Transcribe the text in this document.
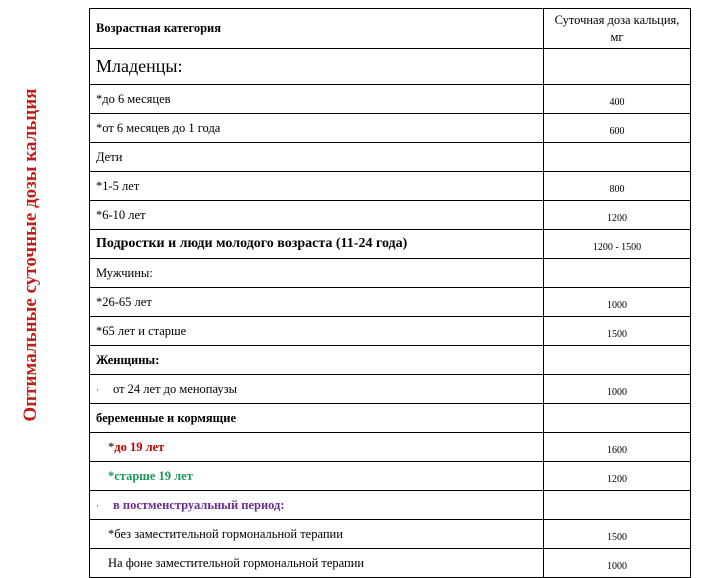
Оптимальные суточные дозы кальция
Возрастная категория	Суточная доза кальция, мг
Младенцы:	
*до 6 месяцев	400
*от 6 месяцев до 1 года	600
Дети	
*1-5 лет	800
*6-10 лет	1200
Подростки и люди молодого возраста (11-24 года)	1200 - 1500
Мужчины:	
*26-65 лет	1000
*65 лет и старше	1500
Женщины:	
· от 24 лет до менопаузы	1000
беременные и кормящие	
*до 19 лет	1600
*старше 19 лет	1200
· в постменструальный период:	
*без заместительной гормональной терапии	1500
На фоне заместительной гормональной терапии	1000
